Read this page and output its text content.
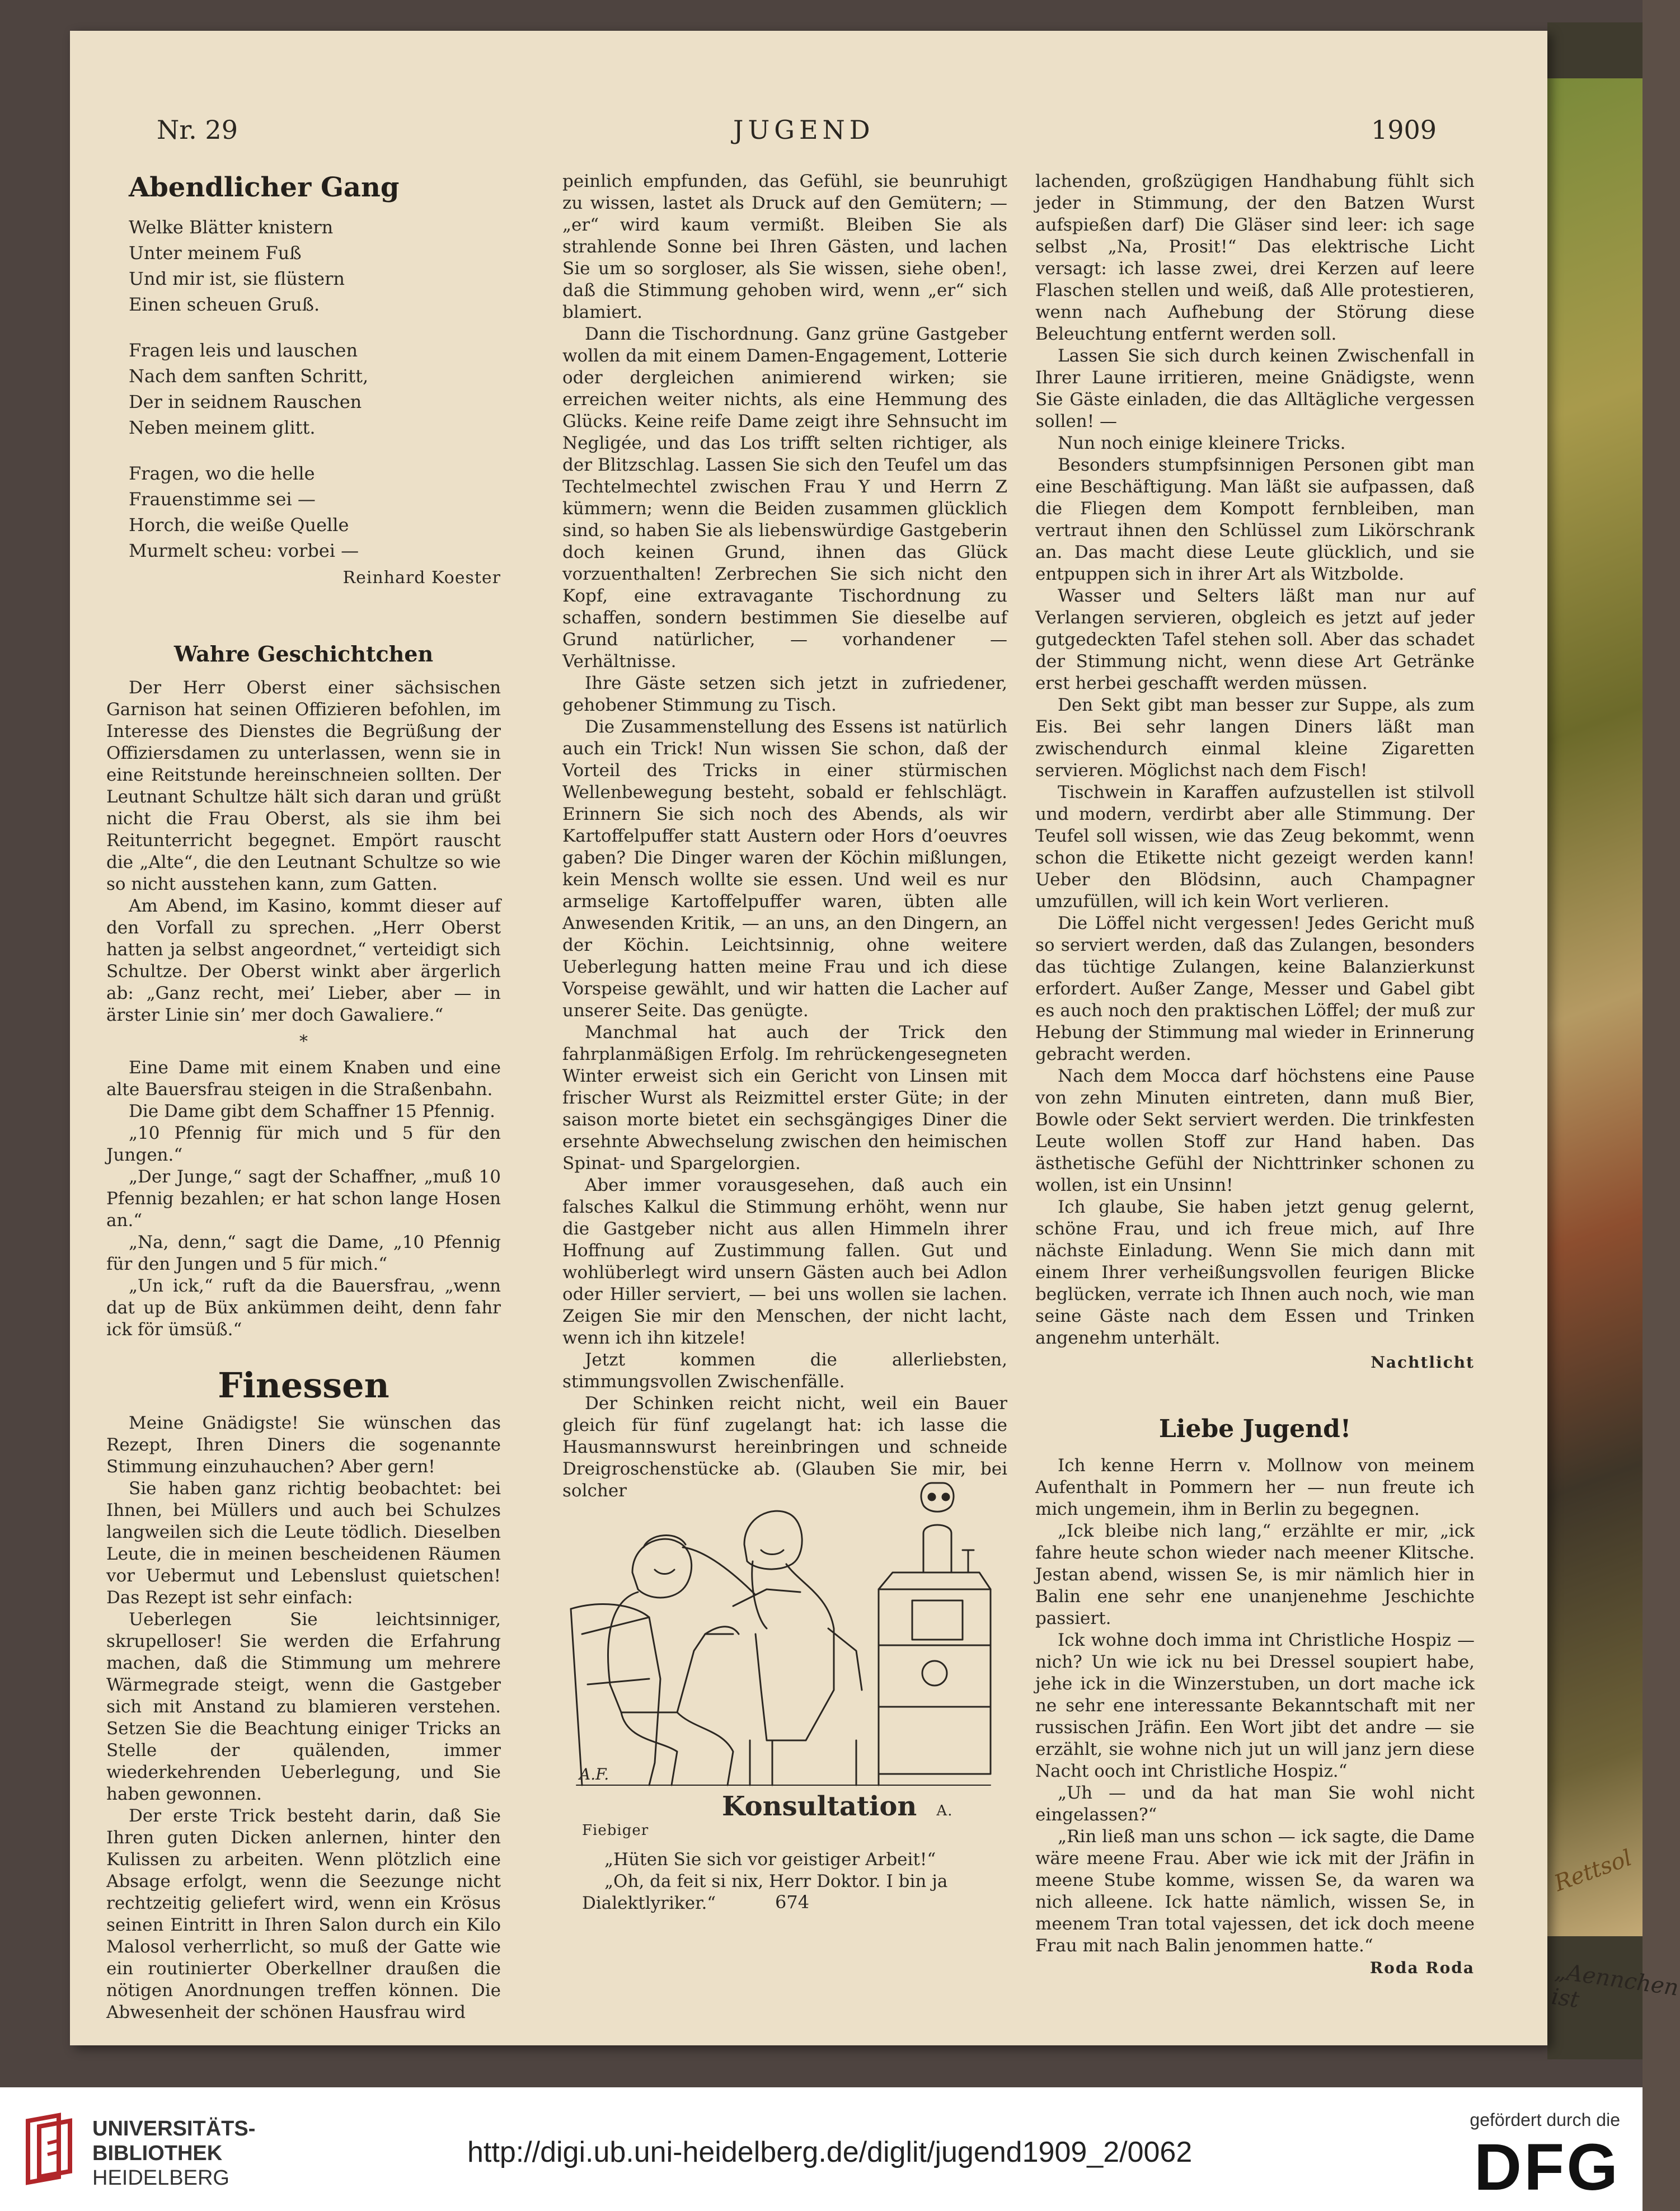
Rettsol
„Aennchen ist
Nr. 29	JUGEND	1909
Abendlicher Gang
Welke Blätter knistern
Unter meinem Fuß
Und mir ist, sie flüstern
Einen scheuen Gruß.
Fragen leis und lauschen
Nach dem sanften Schritt,
Der in seidnem Rauschen
Neben meinem glitt.
Fragen, wo die helle
Frauenstimme sei —
Horch, die weiße Quelle
Murmelt scheu: vorbei —
Reinhard Koester
Wahre Geschichtchen

Der Herr Oberst einer sächsischen Garnison hat seinen Offizieren befohlen, im Interesse des Dienstes die Begrüßung der Offiziersdamen zu unterlassen, wenn sie in eine Reitstunde hereinschneien sollten. Der Leutnant Schultze hält sich daran und grüßt nicht die Frau Oberst, als sie ihm bei Reitunterricht begegnet. Empört rauscht die „Alte“, die den Leutnant Schultze so wie so nicht ausstehen kann, zum Gatten.

Am Abend, im Kasino, kommt dieser auf den Vorfall zu sprechen. „Herr Oberst hatten ja selbst angeordnet,“ verteidigt sich Schultze. Der Oberst winkt aber ärgerlich ab: „Ganz recht, mei’ Lieber, aber — in ärster Linie sin’ mer doch Gawaliere.“

*

Eine Dame mit einem Knaben und eine alte Bauersfrau steigen in die Straßenbahn.

Die Dame gibt dem Schaffner 15 Pfennig.

„10 Pfennig für mich und 5 für den Jungen.“

„Der Junge,“ sagt der Schaffner, „muß 10 Pfennig bezahlen; er hat schon lange Hosen an.“

„Na, denn,“ sagt die Dame, „10 Pfennig für den Jungen und 5 für mich.“

„Un ick,“ ruft da die Bauersfrau, „wenn dat up de Büx ankümmen deiht, denn fahr ick för ümsüß.“

Finessen

Meine Gnädigste! Sie wünschen das Rezept, Ihren Diners die sogenannte Stimmung einzuhauchen? Aber gern!

Sie haben ganz richtig beobachtet: bei Ihnen, bei Müllers und auch bei Schulzes langweilen sich die Leute tödlich. Dieselben Leute, die in meinen bescheidenen Räumen vor Uebermut und Lebenslust quietschen! Das Rezept ist sehr einfach:

Ueberlegen Sie leichtsinniger, skrupelloser! Sie werden die Erfahrung machen, daß die Stimmung um mehrere Wärmegrade steigt, wenn die Gastgeber sich mit Anstand zu blamieren verstehen. Setzen Sie die Beachtung einiger Tricks an Stelle der quälenden, immer wiederkehrenden Ueberlegung, und Sie haben gewonnen.

Der erste Trick besteht darin, daß Sie Ihren guten Dicken anlernen, hinter den Kulissen zu arbeiten. Wenn plötzlich eine Absage erfolgt, wenn die Seezunge nicht rechtzeitig geliefert wird, wenn ein Krösus seinen Eintritt in Ihren Salon durch ein Kilo Malosol verherrlicht, so muß der Gatte wie ein routinierter Oberkellner draußen die nötigen Anordnungen treffen können. Die Abwesenheit der schönen Hausfrau wird

peinlich empfunden, das Gefühl, sie beunruhigt zu wissen, lastet als Druck auf den Gemütern; — „er“ wird kaum vermißt. Bleiben Sie als strahlende Sonne bei Ihren Gästen, und lachen Sie um so sorgloser, als Sie wissen, siehe oben!, daß die Stimmung gehoben wird, wenn „er“ sich blamiert.

Dann die Tischordnung. Ganz grüne Gastgeber wollen da mit einem Damen-Engagement, Lotterie oder dergleichen animierend wirken; sie erreichen weiter nichts, als eine Hemmung des Glücks. Keine reife Dame zeigt ihre Sehnsucht im Negligée, und das Los trifft selten richtiger, als der Blitzschlag. Lassen Sie sich den Teufel um das Techtelmechtel zwischen Frau Y und Herrn Z kümmern; wenn die Beiden zusammen glücklich sind, so haben Sie als liebenswürdige Gastgeberin doch keinen Grund, ihnen das Glück vorzuenthalten! Zerbrechen Sie sich nicht den Kopf, eine extravagante Tischordnung zu schaffen, sondern bestimmen Sie dieselbe auf Grund natürlicher, — vorhandener — Verhältnisse.

Ihre Gäste setzen sich jetzt in zufriedener, gehobener Stimmung zu Tisch.

Die Zusammenstellung des Essens ist natürlich auch ein Trick! Nun wissen Sie schon, daß der Vorteil des Tricks in einer stürmischen Wellenbewegung besteht, sobald er fehlschlägt. Erinnern Sie sich noch des Abends, als wir Kartoffelpuffer statt Austern oder Hors d’oeuvres gaben? Die Dinger waren der Köchin mißlungen, kein Mensch wollte sie essen. Und weil es nur armselige Kartoffelpuffer waren, übten alle Anwesenden Kritik, — an uns, an den Dingern, an der Köchin. Leichtsinnig, ohne weitere Ueberlegung hatten meine Frau und ich diese Vorspeise gewählt, und wir hatten die Lacher auf unserer Seite. Das genügte.

Manchmal hat auch der Trick den fahrplanmäßigen Erfolg. Im rehrückengesegneten Winter erweist sich ein Gericht von Linsen mit frischer Wurst als Reizmittel erster Güte; in der saison morte bietet ein sechsgängiges Diner die ersehnte Abwechselung zwischen den heimischen Spinat- und Spargelorgien.

Aber immer vorausgesehen, daß auch ein falsches Kalkul die Stimmung erhöht, wenn nur die Gastgeber nicht aus allen Himmeln ihrer Hoffnung auf Zustimmung fallen. Gut und wohlüberlegt wird unsern Gästen auch bei Adlon oder Hiller serviert, — bei uns wollen sie lachen. Zeigen Sie mir den Menschen, der nicht lacht, wenn ich ihn kitzele!

Jetzt kommen die allerliebsten, stimmungsvollen Zwischenfälle.

Der Schinken reicht nicht, weil ein Bauer gleich für fünf zugelangt hat: ich lasse die Hausmannswurst hereinbringen und schneide Dreigroschenstücke ab. (Glauben Sie mir, bei solcher

A.F.
Konsultation A. Fiebiger

„Hüten Sie sich vor geistiger Arbeit!“

„Oh, da feit si nix, Herr Doktor. I bin ja Dialektlyriker.“

lachenden, großzügigen Handhabung fühlt sich jeder in Stimmung, der den Batzen Wurst aufspießen darf) Die Gläser sind leer: ich sage selbst „Na, Prosit!“ Das elektrische Licht versagt: ich lasse zwei, drei Kerzen auf leere Flaschen stellen und weiß, daß Alle protestieren, wenn nach Aufhebung der Störung diese Beleuchtung entfernt werden soll.

Lassen Sie sich durch keinen Zwischenfall in Ihrer Laune irritieren, meine Gnädigste, wenn Sie Gäste einladen, die das Alltägliche vergessen sollen! —

Nun noch einige kleinere Tricks.

Besonders stumpfsinnigen Personen gibt man eine Beschäftigung. Man läßt sie aufpassen, daß die Fliegen dem Kompott fernbleiben, man vertraut ihnen den Schlüssel zum Likörschrank an. Das macht diese Leute glücklich, und sie entpuppen sich in ihrer Art als Witzbolde.

Wasser und Selters läßt man nur auf Verlangen servieren, obgleich es jetzt auf jeder gutgedeckten Tafel stehen soll. Aber das schadet der Stimmung nicht, wenn diese Art Getränke erst herbei geschafft werden müssen.

Den Sekt gibt man besser zur Suppe, als zum Eis. Bei sehr langen Diners läßt man zwischendurch einmal kleine Zigaretten servieren. Möglichst nach dem Fisch!

Tischwein in Karaffen aufzustellen ist stilvoll und modern, verdirbt aber alle Stimmung. Der Teufel soll wissen, wie das Zeug bekommt, wenn schon die Etikette nicht gezeigt werden kann! Ueber den Blödsinn, auch Champagner umzufüllen, will ich kein Wort verlieren.

Die Löffel nicht vergessen! Jedes Gericht muß so serviert werden, daß das Zulangen, besonders das tüchtige Zulangen, keine Balanzierkunst erfordert. Außer Zange, Messer und Gabel gibt es auch noch den praktischen Löffel; der muß zur Hebung der Stimmung mal wieder in Erinnerung gebracht werden.

Nach dem Mocca darf höchstens eine Pause von zehn Minuten eintreten, dann muß Bier, Bowle oder Sekt serviert werden. Die trinkfesten Leute wollen Stoff zur Hand haben. Das ästhetische Gefühl der Nichttrinker schonen zu wollen, ist ein Unsinn!

Ich glaube, Sie haben jetzt genug gelernt, schöne Frau, und ich freue mich, auf Ihre nächste Einladung. Wenn Sie mich dann mit einem Ihrer verheißungsvollen feurigen Blicke beglücken, verrate ich Ihnen auch noch, wie man seine Gäste nach dem Essen und Trinken angenehm unterhält.

Nachtlicht
Liebe Jugend!

Ich kenne Herrn v. Mollnow von meinem Aufenthalt in Pommern her — nun freute ich mich ungemein, ihm in Berlin zu begegnen.

„Ick bleibe nich lang,“ erzählte er mir, „ick fahre heute schon wieder nach meener Klitsche. Jestan abend, wissen Se, is mir nämlich hier in Balin ene sehr ene unanjenehme Jeschichte passiert.

Ick wohne doch imma int Christliche Hospiz — nich? Un wie ick nu bei Dressel soupiert habe, jehe ick in die Winzerstuben, un dort mache ick ne sehr ene interessante Bekanntschaft mit ner russischen Jräfin. Een Wort jibt det andre — sie erzählt, sie wohne nich jut un will janz jern diese Nacht ooch int Christliche Hospiz.“

„Uh — und da hat man Sie wohl nicht eingelassen?“

„Rin ließ man uns schon — ick sagte, die Dame wäre meene Frau. Aber wie ick mit der Jräfin in meene Stube komme, wissen Se, da waren wa nich alleene. Ick hatte nämlich, wissen Se, in meenem Tran total vajessen, det ick doch meene Frau mit nach Balin jenommen hatte.“

Roda Roda
674
UNIVERSITÄTS-
BIBLIOTHEK
HEIDELBERG
http://digi.ub.uni-heidelberg.de/diglit/jugend1909_2/0062
gefördert durch die
DFG
